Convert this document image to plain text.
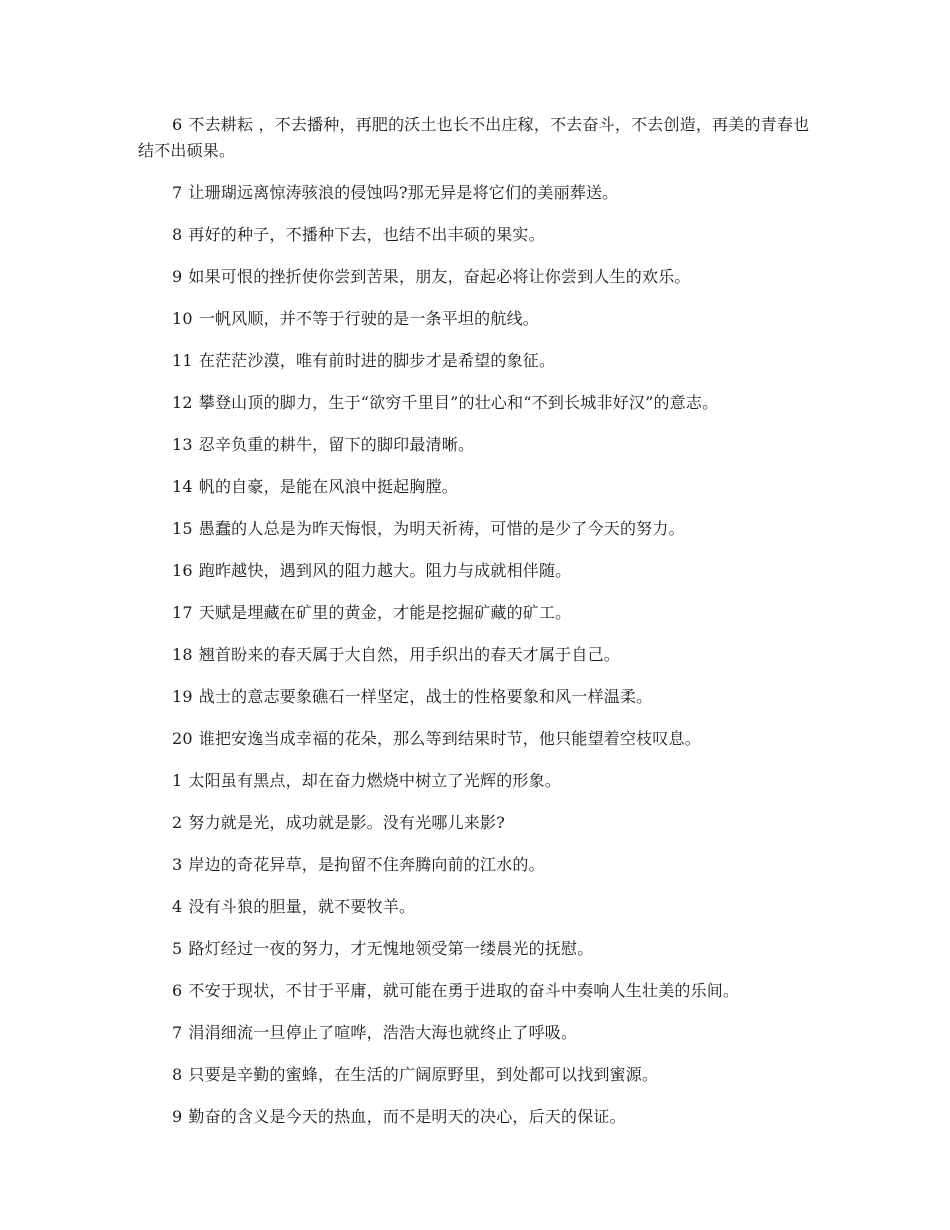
6 不去耕耘 ，不去播种，再肥的沃土也长不出庄稼，不去奋斗，不去创造，再美的青春也结不出硕果。

7 让珊瑚远离惊涛骇浪的侵蚀吗?那无异是将它们的美丽葬送。

8 再好的种子，不播种下去，也结不出丰硕的果实。

9 如果可恨的挫折使你尝到苦果，朋友，奋起必将让你尝到人生的欢乐。

10 一帆风顺，并不等于行驶的是一条平坦的航线。

11 在茫茫沙漠，唯有前时进的脚步才是希望的象征。

12 攀登山顶的脚力，生于“欲穷千里目”的壮心和“不到长城非好汉”的意志。

13 忍辛负重的耕牛，留下的脚印最清晰。

14 帆的自豪，是能在风浪中挺起胸膛。

15 愚蠢的人总是为昨天悔恨，为明天祈祷，可惜的是少了今天的努力。

16 跑昨越快，遇到风的阻力越大。阻力与成就相伴随。

17 天赋是埋藏在矿里的黄金，才能是挖掘矿藏的矿工。

18 翘首盼来的春天属于大自然，用手织出的春天才属于自己。

19 战士的意志要象礁石一样坚定，战士的性格要象和风一样温柔。

20 谁把安逸当成幸福的花朵，那么等到结果时节，他只能望着空枝叹息。

1 太阳虽有黑点，却在奋力燃烧中树立了光辉的形象。

2 努力就是光，成功就是影。没有光哪儿来影?

3 岸边的奇花异草，是拘留不住奔腾向前的江水的。

4 没有斗狼的胆量，就不要牧羊。

5 路灯经过一夜的努力，才无愧地领受第一缕晨光的抚慰。

6 不安于现状，不甘于平庸，就可能在勇于进取的奋斗中奏响人生壮美的乐间。

7 涓涓细流一旦停止了喧哗，浩浩大海也就终止了呼吸。

8 只要是辛勤的蜜蜂，在生活的广阔原野里，到处都可以找到蜜源。

9 勤奋的含义是今天的热血，而不是明天的决心，后天的保证。
